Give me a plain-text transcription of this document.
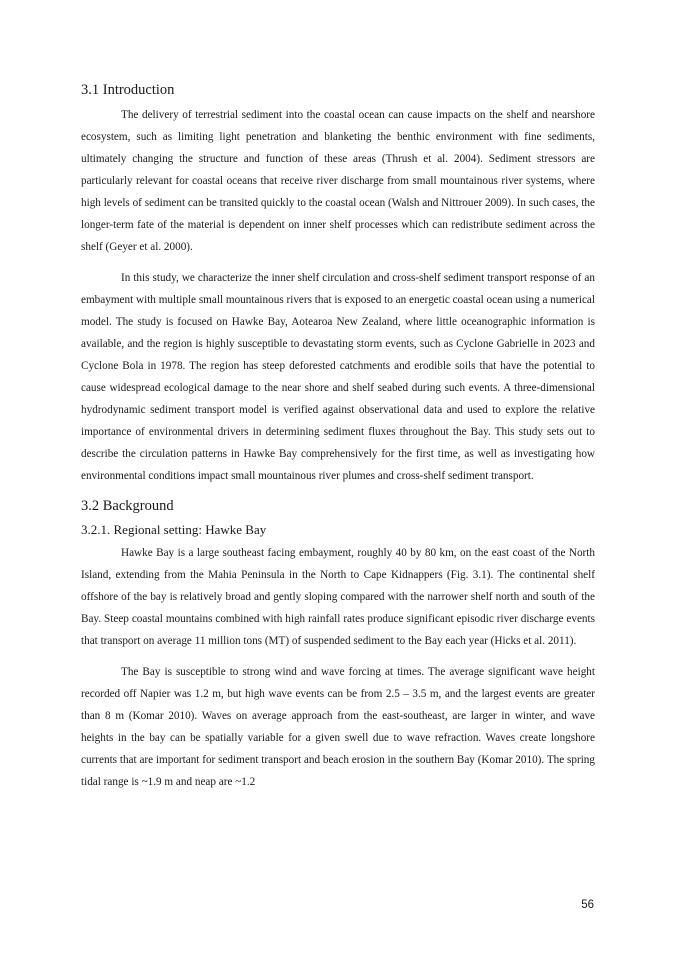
3.1 Introduction

The delivery of terrestrial sediment into the coastal ocean can cause impacts on the shelf and nearshore ecosystem, such as limiting light penetration and blanketing the benthic environment with fine sediments, ultimately changing the structure and function of these areas (Thrush et al. 2004). Sediment stressors are particularly relevant for coastal oceans that receive river discharge from small mountainous river systems, where high levels of sediment can be transited quickly to the coastal ocean (Walsh and Nittrouer 2009). In such cases, the longer-term fate of the material is dependent on inner shelf processes which can redistribute sediment across the shelf (Geyer et al. 2000).

In this study, we characterize the inner shelf circulation and cross-shelf sediment transport response of an embayment with multiple small mountainous rivers that is exposed to an energetic coastal ocean using a numerical model. The study is focused on Hawke Bay, Aotearoa New Zealand, where little oceanographic information is available, and the region is highly susceptible to devastating storm events, such as Cyclone Gabrielle in 2023 and Cyclone Bola in 1978. The region has steep deforested catchments and erodible soils that have the potential to cause widespread ecological damage to the near shore and shelf seabed during such events. A three-dimensional hydrodynamic sediment transport model is verified against observational data and used to explore the relative importance of environmental drivers in determining sediment fluxes throughout the Bay. This study sets out to describe the circulation patterns in Hawke Bay comprehensively for the first time, as well as investigating how environmental conditions impact small mountainous river plumes and cross-shelf sediment transport.

3.2 Background
3.2.1. Regional setting: Hawke Bay

Hawke Bay is a large southeast facing embayment, roughly 40 by 80 km, on the east coast of the North Island, extending from the Mahia Peninsula in the North to Cape Kidnappers (Fig. 3.1). The continental shelf offshore of the bay is relatively broad and gently sloping compared with the narrower shelf north and south of the Bay. Steep coastal mountains combined with high rainfall rates produce significant episodic river discharge events that transport on average 11 million tons (MT) of suspended sediment to the Bay each year (Hicks et al. 2011).

The Bay is susceptible to strong wind and wave forcing at times. The average significant wave height recorded off Napier was 1.2 m, but high wave events can be from 2.5 – 3.5 m, and the largest events are greater than 8 m (Komar 2010). Waves on average approach from the east-southeast, are larger in winter, and wave heights in the bay can be spatially variable for a given swell due to wave refraction. Waves create longshore currents that are important for sediment transport and beach erosion in the southern Bay (Komar 2010). The spring tidal range is ~1.9 m and neap are ~1.2

56
